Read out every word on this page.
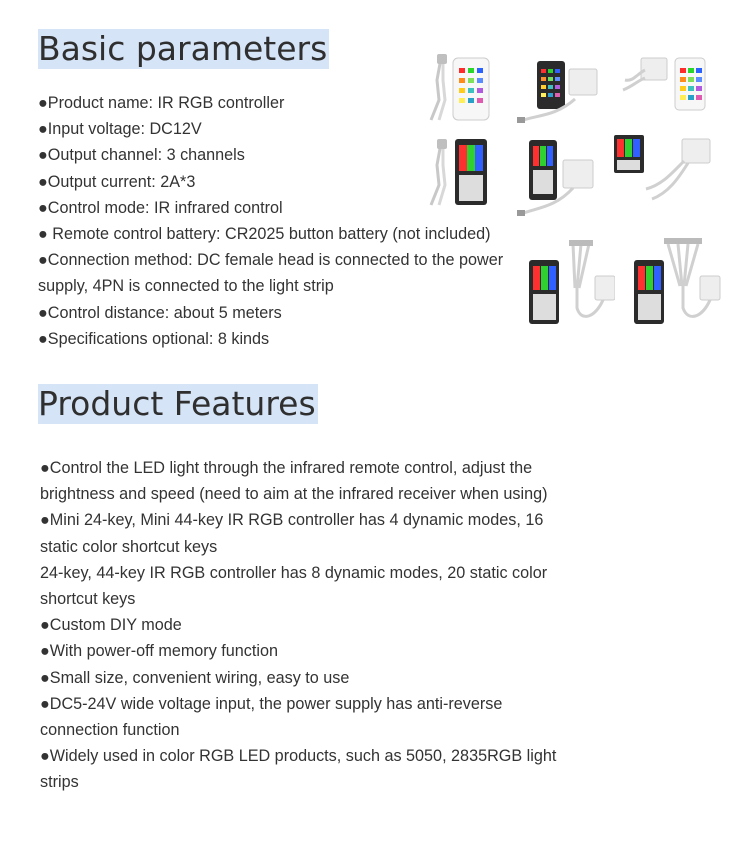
Basic parameters
●Product name: IR RGB controller
●Input voltage: DC12V
●Output channel: 3 channels
●Output current: 2A*3
●Control mode: IR infrared control
● Remote control battery: CR2025 button battery (not included)
●Connection method: DC female head is connected to the power supply, 4PN is connected to the light strip
●Control distance: about 5 meters
●Specifications optional: 8 kinds
Product Features
●Control the LED light through the infrared remote control, adjust the brightness and speed (need to aim at the infrared receiver when using)
●Mini 24-key, Mini 44-key IR RGB controller has 4 dynamic modes, 16 static color shortcut keys
24-key, 44-key IR RGB controller has 8 dynamic modes, 20 static color shortcut keys
●Custom DIY mode
●With power-off memory function
●Small size, convenient wiring, easy to use
●DC5-24V wide voltage input, the power supply has anti-reverse connection function
●Widely used in color RGB LED products, such as 5050, 2835RGB light strips
